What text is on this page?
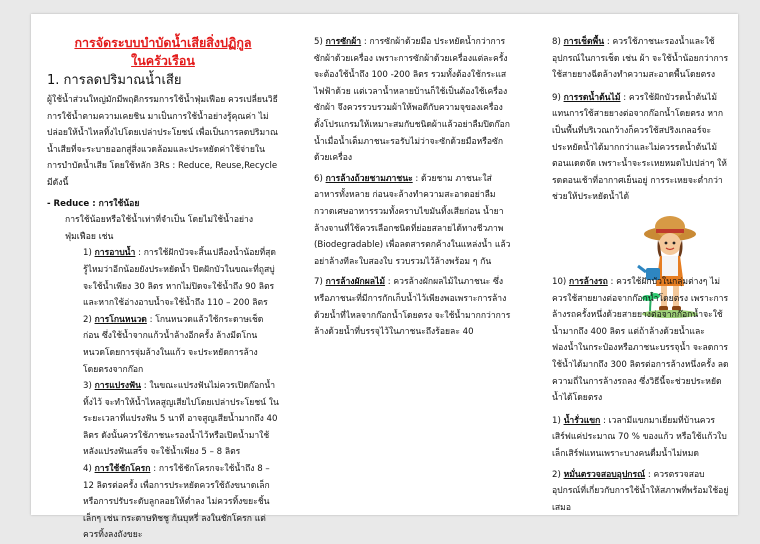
การจัดระบบบำบัดน้ำเสียสิ่งปฏิกูล

ในครัวเรือน

1. การลดปริมาณน้ำเสีย

ผู้ใช้น้ำส่วนใหญ่มักมีพฤติกรรมการใช้น้ำฟุ่มเฟือย ควรเปลี่ยนวิธีการใช้น้ำตามความเคยชิน มาเป็นการใช้น้ำอย่างรู้คุณค่า ไม่ปล่อยให้น้ำไหลทิ้งไปโดยเปล่าประโยชน์ เพื่อเป็นการลดปริมาณน้ำเสียที่จะระบายออกสู่สิ่งแวดล้อมและประหยัดค่าใช้จ่ายในการบำบัดน้ำเสีย โดยใช้หลัก 3Rs : Reduce, Reuse,Recycle มีดังนี้

- Reduce : การใช้น้อย

การใช้น้อยหรือใช้น้ำเท่าที่จำเป็น โดยไม่ใช้น้ำอย่างฟุ่มเฟือย เช่น

1) การอาบน้ำ : การใช้ฝักบัวจะสิ้นเปลืองน้ำน้อยที่สุด รู้ไหมว่าอีกน้อยยังประหยัดน้ำ ปิดฝักบัวในขณะที่ถูสบู่จะใช้น้ำเพียง 30 ลิตร หากไม่ปิดจะใช้น้ำถึง 90 ลิตร และหากใช้อ่างอาบน้ำจะใช้น้ำถึง 110 – 200 ลิตร

2) การโกนหนวด : โกนหนวดแล้วใช้กระดาษเช็ดก่อน ซึ่งใช้น้ำจากแก้วน้ำล้างอีกครั้ง ล้างมีดโกนหนวดโดยการจุ่มล้างในแก้ว จะประหยัดการล้างโดยตรงจากก๊อก

3) การแปรงฟัน : ในขณะแปรงฟันไม่ควรเปิดก๊อกน้ำทิ้งไว้ จะทำให้น้ำไหลสูญเสียไปโดยเปล่าประโยชน์ ในระยะเวลาที่แปรงฟัน 5 นาที อาจสูญเสียน้ำมากถึง 40 ลิตร ดังนั้นควรใช้ภาชนะรองน้ำไว้หรือเปิดน้ำมาใช้หลังแปรงฟันเสร็จ จะใช้น้ำเพียง 5 – 8 ลิตร

4) การใช้ชักโครก : การใช้ชักโครกจะใช้น้ำถึง 8 – 12 ลิตรต่อครั้ง เพื่อการประหยัดควรใช้ถังขนาดเล็กหรือการปรับระดับลูกลอยให้ต่ำลง ไม่ควรทิ้งขยะชิ้นเล็กๆ เช่น กระดาษทิชชู ก้นบุหรี่ ลงในชักโครก แต่ควรทิ้งลงถังขยะ

5) การซักผ้า : การซักผ้าด้วยมือ ประหยัดน้ำกว่าการซักผ้าด้วยเครื่อง เพราะการซักผ้าด้วยเครื่องแต่ละครั้ง จะต้องใช้น้ำถึง 100 -200 ลิตร รวมทั้งต้องใช้กระแสไฟฟ้าด้วย แต่เวลาน้ำหลายบ้านก็ใช้เป็นต้องใช้เครื่องซักผ้า จึงควรรวบรวมผ้าให้พอดีกับความจุของเครื่อง ตั้งโปรแกรมให้เหมาะสมกับชนิดผ้าแล้วอย่าลืมปิดก๊อกน้ำเมื่อน้ำเต็มภาชนะรอรับไม่ว่าจะซักด้วยมือหรือซักด้วยเครื่อง

6) การล้างถ้วยชามภาชนะ : ด้วยชาม ภาชนะใส่อาหารทั้งหลาย ก่อนจะล้างทำความสะอาดอย่าลืมกวาดเศษอาหารรวมทั้งคราบไขมันทิ้งเสียก่อน น้ำยาล้างจานที่ใช้ควรเลือกชนิดที่ย่อยสลายได้ทางชีวภาพ (Biodegradable) เพื่อลดสารตกค้างในแหล่งน้ำ แล้วอย่าล้างทีละใบสองใบ รวบรวมไว้ล้างพร้อม ๆ กัน

7) การล้างผักผลไม้ : ควรล้างผักผลไม้ในภาชนะ ซึ่งหรือภาชนะที่มีการกักเก็บน้ำไว้เพียงพอเพราะการล้างด้วยน้ำที่ไหลจากก๊อกน้ำโดยตรง จะใช้น้ำมากกว่าการล้างด้วยน้ำที่บรรจุไว้ในภาชนะถึงร้อยละ 40

8) การเช็ดพื้น : ควรใช้ภาชนะรองน้ำและใช้อุปกรณ์ในการเช็ด เช่น ผ้า จะใช้น้ำน้อยกว่าการใช้สายยางฉีดล้างทำความสะอาดพื้นโดยตรง

9) การรดน้ำต้นไม้ : ควรใช้ฝักบัวรดน้ำต้นไม้แทนการใช้สายยางต่อจากก๊อกน้ำโดยตรง หากเป็นพื้นที่บริเวณกว้างก็ควรใช้สปริงเกลอร์จะประหยัดน้ำได้มากกว่าและไม่ควรรดน้ำต้นไม้ตอนแดดจัด เพราะน้ำจะระเหยหมดไปเปล่าๆ ให้รดตอนเช้าที่อากาศเย็นอยู่ การระเหยจะต่ำกว่า ช่วยให้ประหยัดน้ำได้

10) การล้างรถ : ควรใช้ฝักบัวในกลุ่มต่างๆ ไม่ควรใช้สายยางต่อจากก๊อกน้ำโดยตรง เพราะการล้างรถครั้งหนึ่งด้วยสายยางต่อจากก๊อกน้ำจะใช้น้ำมากถึง 400 ลิตร แต่ถ้าล้างด้วยน้ำและฟองน้ำในกระป๋องหรือภาชนะบรรจุน้ำ จะลดการใช้น้ำได้มากถึง 300 ลิตรต่อการล้างหนึ่งครั้ง ลดความถี่ในการล้างรถลง ซึ่งวิธีนี้จะช่วยประหยัดน้ำได้โดยตรง

1) น้ำรั่วแขก : เวลามีแขกมาเยี่ยมที่บ้านควรเสิร์ฟแค่ประมาณ 70 % ของแก้ว หรือใช้แก้วใบเล็กเสิร์ฟแทนเพราะบางคนดื่มน้ำไม่หมด

2) หมั่นตรวจสอบอุปกรณ์ : ควรตรวจสอบอุปกรณ์ที่เกี่ยวกับการใช้น้ำให้สภาพที่พร้อมใช้อยู่เสมอ
